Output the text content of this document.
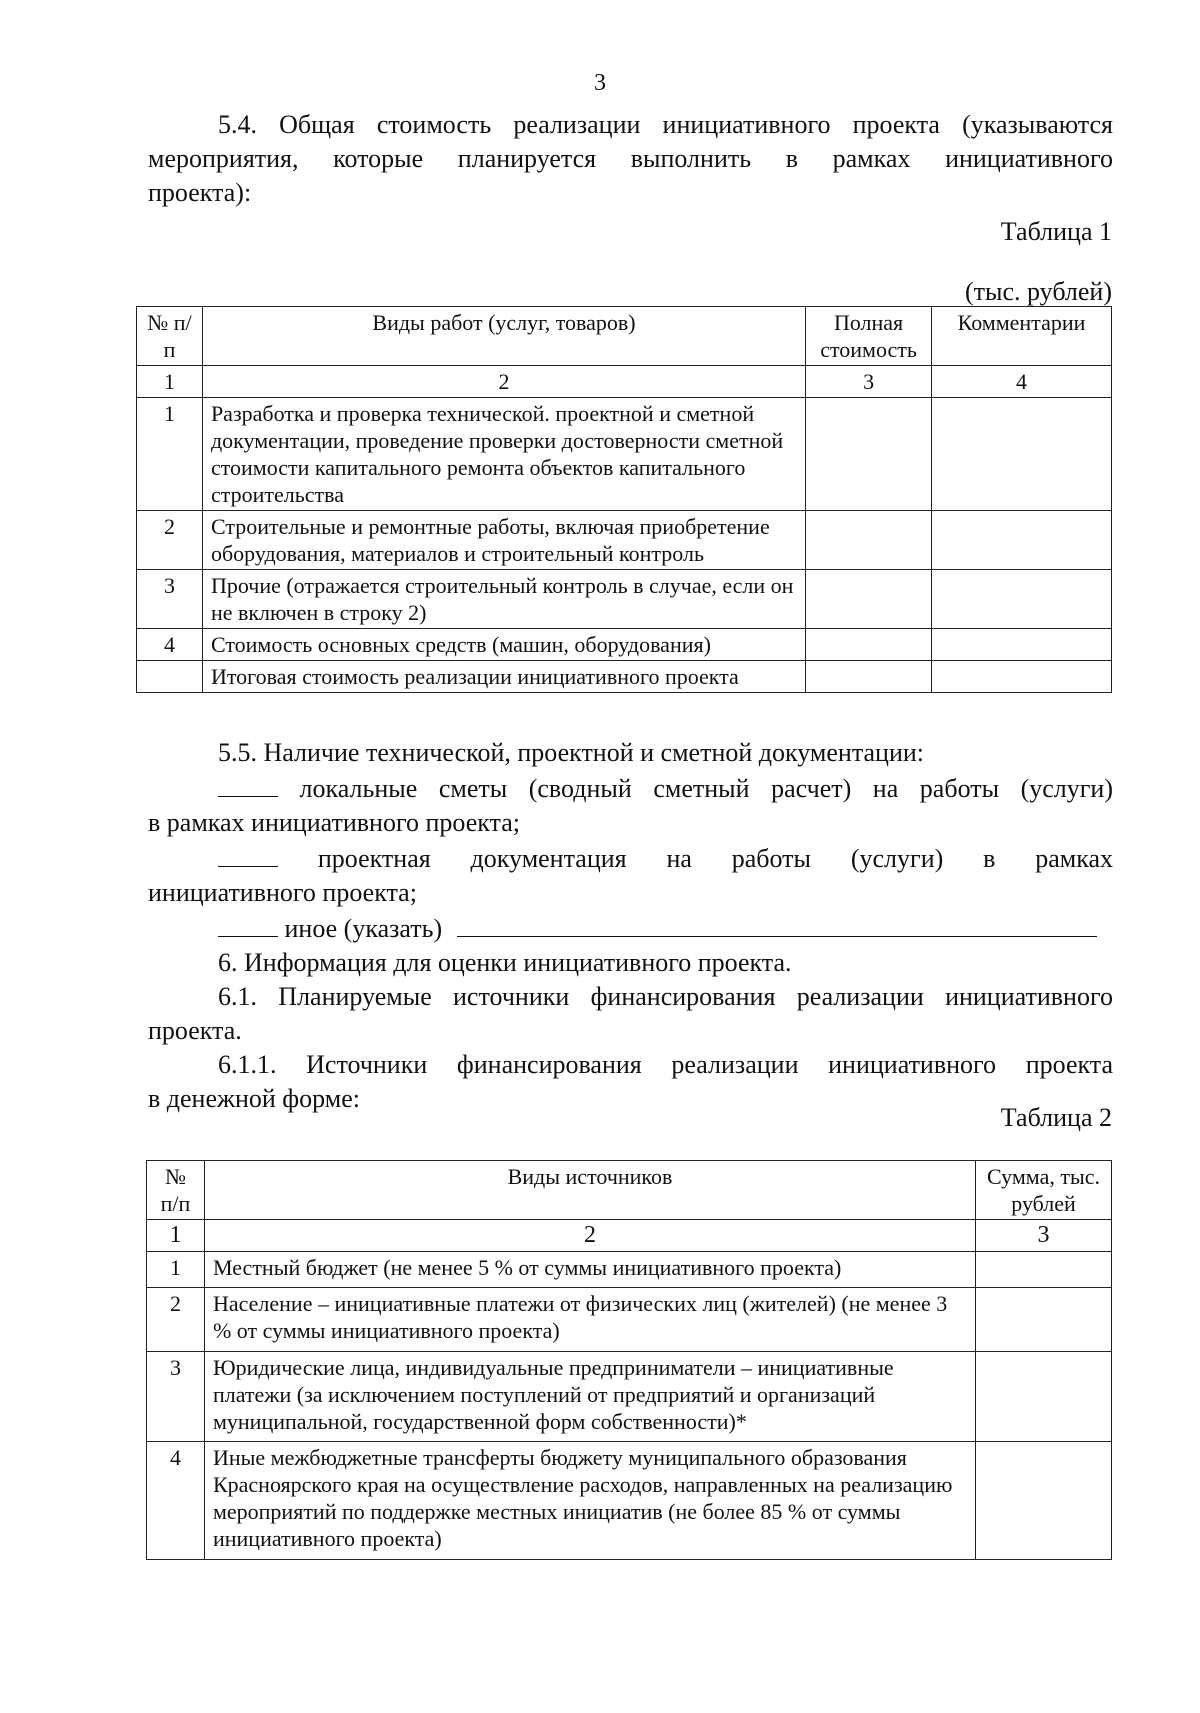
3
5.4. Общая стоимость реализации инициативного проекта (указываются
мероприятия, которые планируется выполнить в рамках инициативного
проекта):
Таблица 1
(тыс. рублей)
№ п/п	Виды работ (услуг, товаров)	Полная стоимость	Комментарии
1	2	3	4
1	Разработка и проверка технической. проектной и сметной документации, проведение проверки достоверности сметной стоимости капитального ремонта объектов капитального строительства		
2	Строительные и ремонтные работы, включая приобретение оборудования, материалов и строительный контроль		
3	Прочие (отражается строительный контроль в случае, если он не включен в строку 2)		
4	Стоимость основных средств (машин, оборудования)		
	Итоговая стоимость реализации инициативного проекта		
5.5. Наличие технической, проектной и сметной документации:
локальные сметы (сводный сметный расчет) на работы (услуги)
в рамках инициативного проекта;
проектная документация на работы (услуги) в рамках
инициативного проекта;
иное (указать)
6. Информация для оценки инициативного проекта.
6.1. Планируемые источники финансирования реализации инициативного
проекта.
6.1.1. Источники финансирования реализации инициативного проекта
в денежной форме:
Таблица 2
№ п/п	Виды источников	Сумма, тыс. рублей
1	2	3
1	Местный бюджет (не менее 5 % от суммы инициативного проекта)	
2	Население – инициативные платежи от физических лиц (жителей) (не менее 3 % от суммы инициативного проекта)	
3	Юридические лица, индивидуальные предприниматели – инициативные платежи (за исключением поступлений от предприятий и организаций муниципальной, государственной форм собственности)*	
4	Иные межбюджетные трансферты бюджету муниципального образования Красноярского края на осуществление расходов, направленных на реализацию мероприятий по поддержке местных инициатив (не более 85 % от суммы инициативного проекта)	
